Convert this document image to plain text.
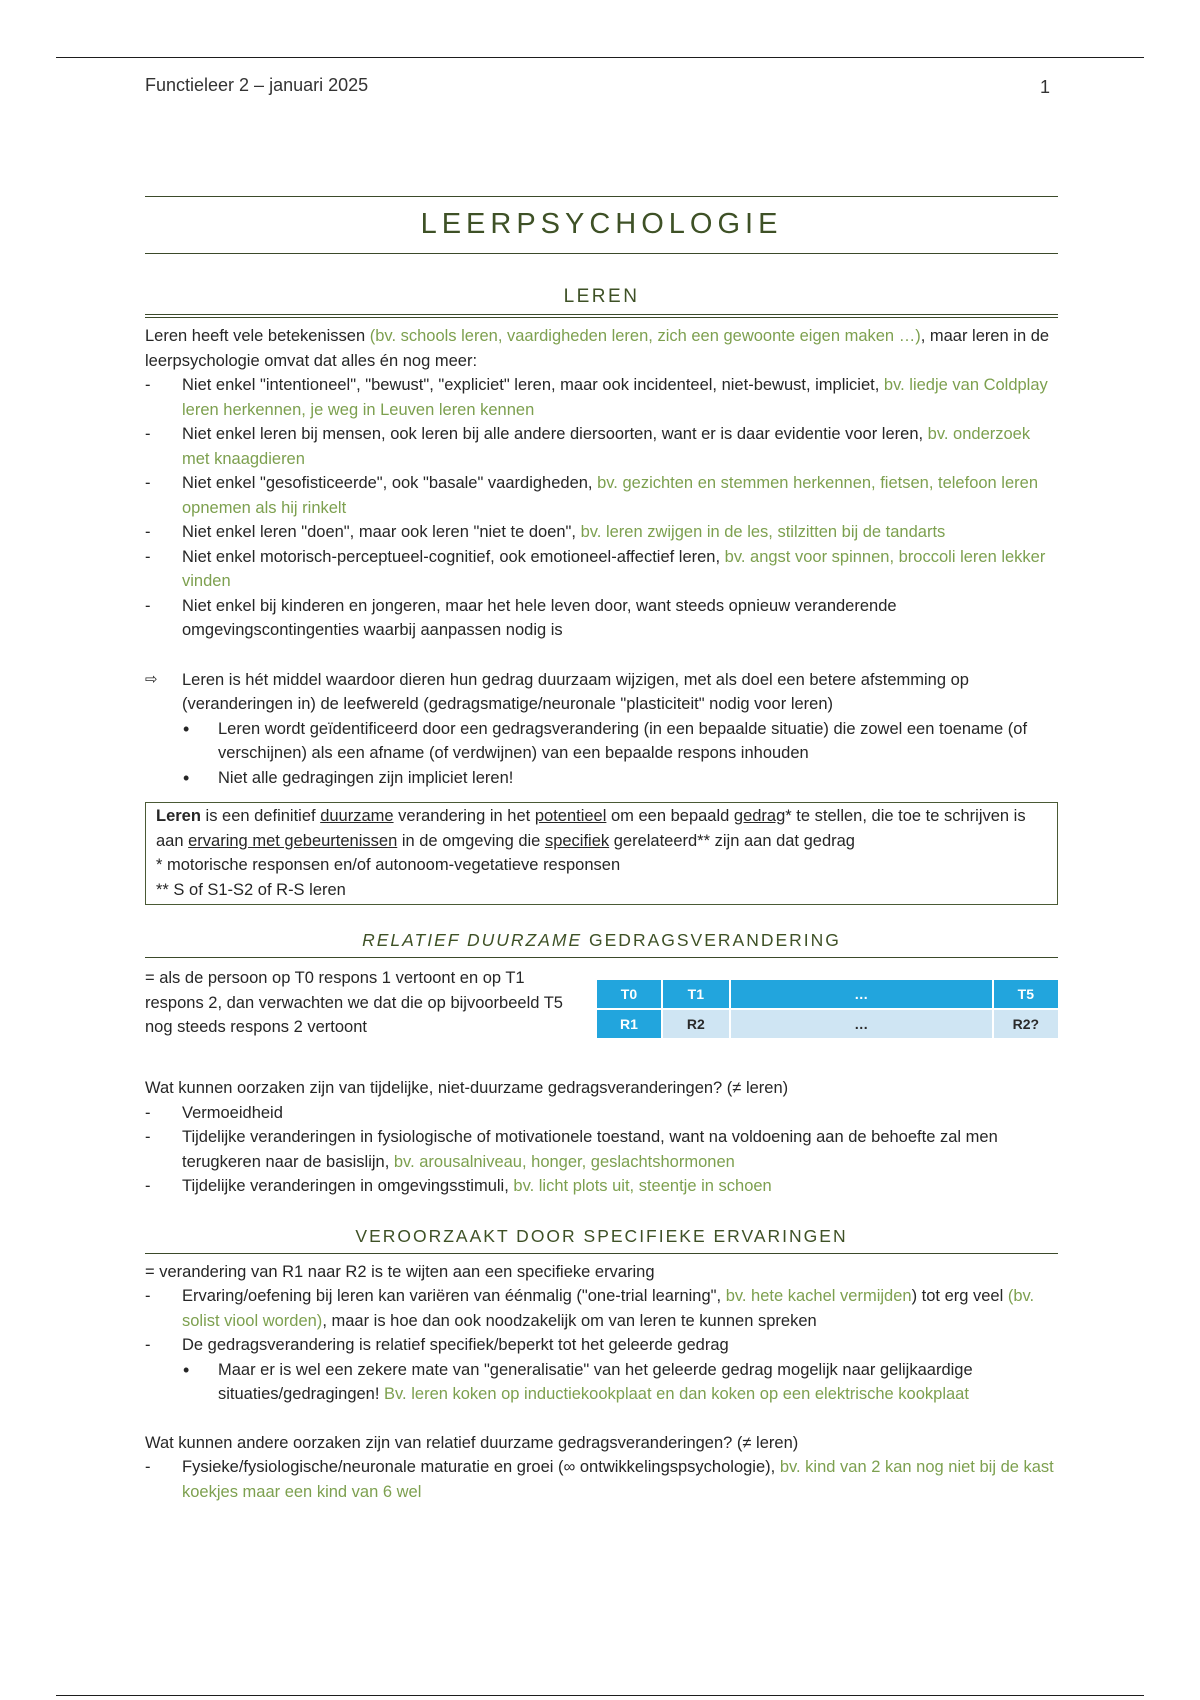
Functieleer 2 – januari 2025	1
LEERPSYCHOLOGIE
LEREN

Leren heeft vele betekenissen (bv. schools leren, vaardigheden leren, zich een gewoonte eigen maken …), maar leren in de leerpsychologie omvat dat alles én nog meer:

- Niet enkel "intentioneel", "bewust", "expliciet" leren, maar ook incidenteel, niet-bewust, impliciet, bv. liedje van Coldplay leren herkennen, je weg in Leuven leren kennen
- Niet enkel leren bij mensen, ook leren bij alle andere diersoorten, want er is daar evidentie voor leren, bv. onderzoek met knaagdieren
- Niet enkel "gesofisticeerde", ook "basale" vaardigheden, bv. gezichten en stemmen herkennen, fietsen, telefoon leren opnemen als hij rinkelt
- Niet enkel leren "doen", maar ook leren "niet te doen", bv. leren zwijgen in de les, stilzitten bij de tandarts
- Niet enkel motorisch-perceptueel-cognitief, ook emotioneel-affectief leren, bv. angst voor spinnen, broccoli leren lekker vinden
- Niet enkel bij kinderen en jongeren, maar het hele leven door, want steeds opnieuw veranderende omgevingscontingenties waarbij aanpassen nodig is
⇨ Leren is hét middel waardoor dieren hun gedrag duurzaam wijzigen, met als doel een betere afstemming op (veranderingen in) de leefwereld (gedragsmatige/neuronale "plasticiteit" nodig voor leren)
• Leren wordt geïdentificeerd door een gedragsverandering (in een bepaalde situatie) die zowel een toename (of verschijnen) als een afname (of verdwijnen) van een bepaalde respons inhouden
• Niet alle gedragingen zijn impliciet leren!
Leren is een definitief duurzame verandering in het potentieel om een bepaald gedrag* te stellen, die toe te schrijven is aan ervaring met gebeurtenissen in de omgeving die specifiek gerelateerd** zijn aan dat gedrag
* motorische responsen en/of autonoom-vegetatieve responsen
** S of S1-S2 of R-S leren
RELATIEF DUURZAME GEDRAGSVERANDERING
= als de persoon op T0 respons 1 vertoont en op T1 respons 2, dan verwachten we dat die op bijvoorbeeld T5 nog steeds respons 2 vertoont
T0	T1	…	T5
R1	R2	…	R2?

Wat kunnen oorzaken zijn van tijdelijke, niet-duurzame gedragsveranderingen? (≠ leren)

- Vermoeidheid
- Tijdelijke veranderingen in fysiologische of motivationele toestand, want na voldoening aan de behoefte zal men terugkeren naar de basislijn, bv. arousalniveau, honger, geslachtshormonen
- Tijdelijke veranderingen in omgevingsstimuli, bv. licht plots uit, steentje in schoen
VEROORZAAKT DOOR SPECIFIEKE ERVARINGEN

= verandering van R1 naar R2 is te wijten aan een specifieke ervaring

- Ervaring/oefening bij leren kan variëren van éénmalig ("one-trial learning", bv. hete kachel vermijden) tot erg veel (bv. solist viool worden), maar is hoe dan ook noodzakelijk om van leren te kunnen spreken
- De gedragsverandering is relatief specifiek/beperkt tot het geleerde gedrag
• Maar er is wel een zekere mate van "generalisatie" van het geleerde gedrag mogelijk naar gelijkaardige situaties/gedragingen! Bv. leren koken op inductiekookplaat en dan koken op een elektrische kookplaat

Wat kunnen andere oorzaken zijn van relatief duurzame gedragsveranderingen? (≠ leren)

- Fysieke/fysiologische/neuronale maturatie en groei (∞ ontwikkelingspsychologie), bv. kind van 2 kan nog niet bij de kast koekjes maar een kind van 6 wel
